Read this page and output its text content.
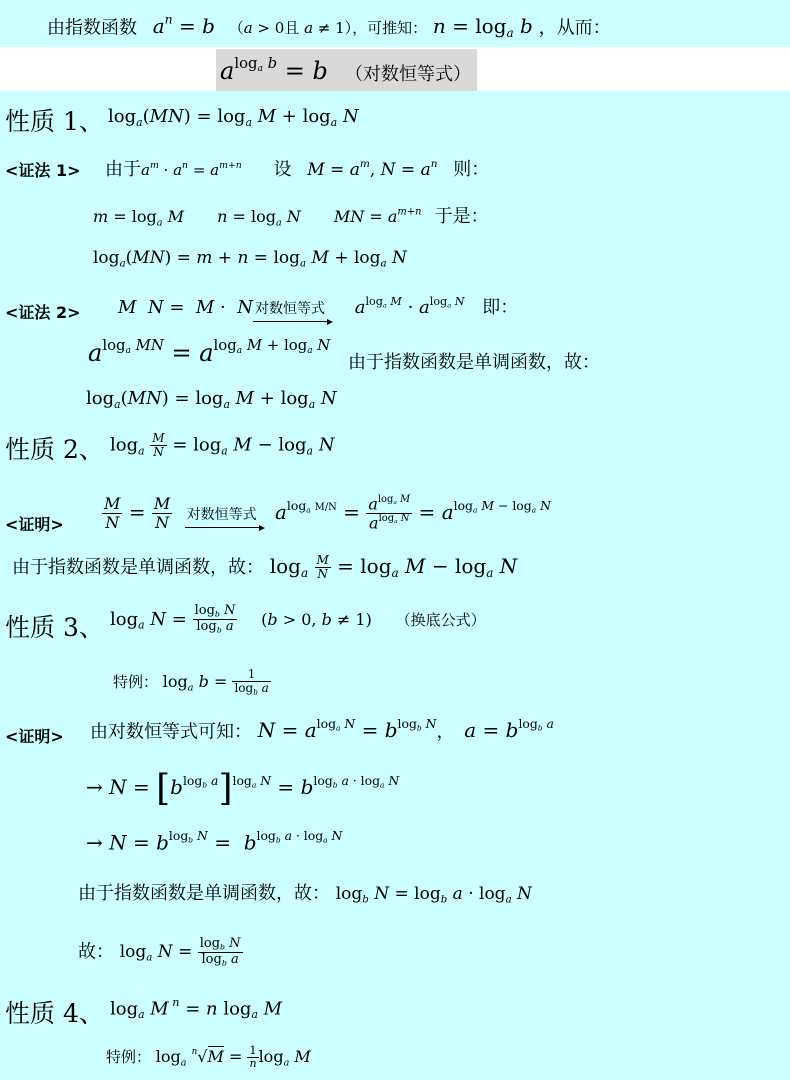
由指数函数 $a^n = b$ （a > 0且 a ≠ 1），可推知： $n = \log_a b$ ，从而：
$a^{log_a b} = b$ （对数恒等式）
性质 1、 $\log_a(MN) = \log_a M + \log_a N$
<证法 1> 由于$a^m \cdot a^n = a^{m+n}$ 设 $M = a^m$, $N = a^n$ 则：
$m = \log_a M$ $n = \log_a N$ MN = $a^{m+n}$ 于是：
$\log_a(MN) = m + n = \log_a M + \log_a N$
<证法 2> M N =  M ·  N 对数恒等式 $a^{log_a M} \cdot a^{log_a N}$ 即：
$a^{log_a MN} = a^{log_a M + log_a N}$
由于指数函数是单调函数，故：
$\log_a(MN) = \log_a M + \log_a N$
性质 2、 $\log_a \frac{M}{N} = \log_a M - \log_a N$
<证明> $\frac{M}{N} = \frac{M}{N}$ 对数恒等式 $a^{log_a M/N} = \frac{a^{log_a M}}{a^{log_a N}} = a^{log_a M - log_a N}$
由于指数函数是单调函数，故： $\log_a \frac{M}{N} = \log_a M - \log_a N$
性质 3、 $\log_a N = \frac{\log_b N}{\log_b a} (b > 0$, b ≠ 1) （换底公式）
特例： $\log_a b = \frac{1}{\log_b a}$
<证明> 由对数恒等式可知： $N = a^{log_a N} = b^{log_b N}$， $a = b^{log_b a}$
→ $N = [b^{log_b a}]^{log_a N} = b^{log_b a \cdot log_a N}$
→ $N = b^{log_b N} = b^{log_b a \cdot log_a N}$
由于指数函数是单调函数，故： $\log_b N = \log_b a \cdot \log_a N$
故： $\log_a N = \frac{\log_b N}{\log_b a}$
性质 4、 $\log_a M$ $^n$ = n $\log_a M$
特例： $\log_a ^n√M = \frac{1}{n} \log_a M$
